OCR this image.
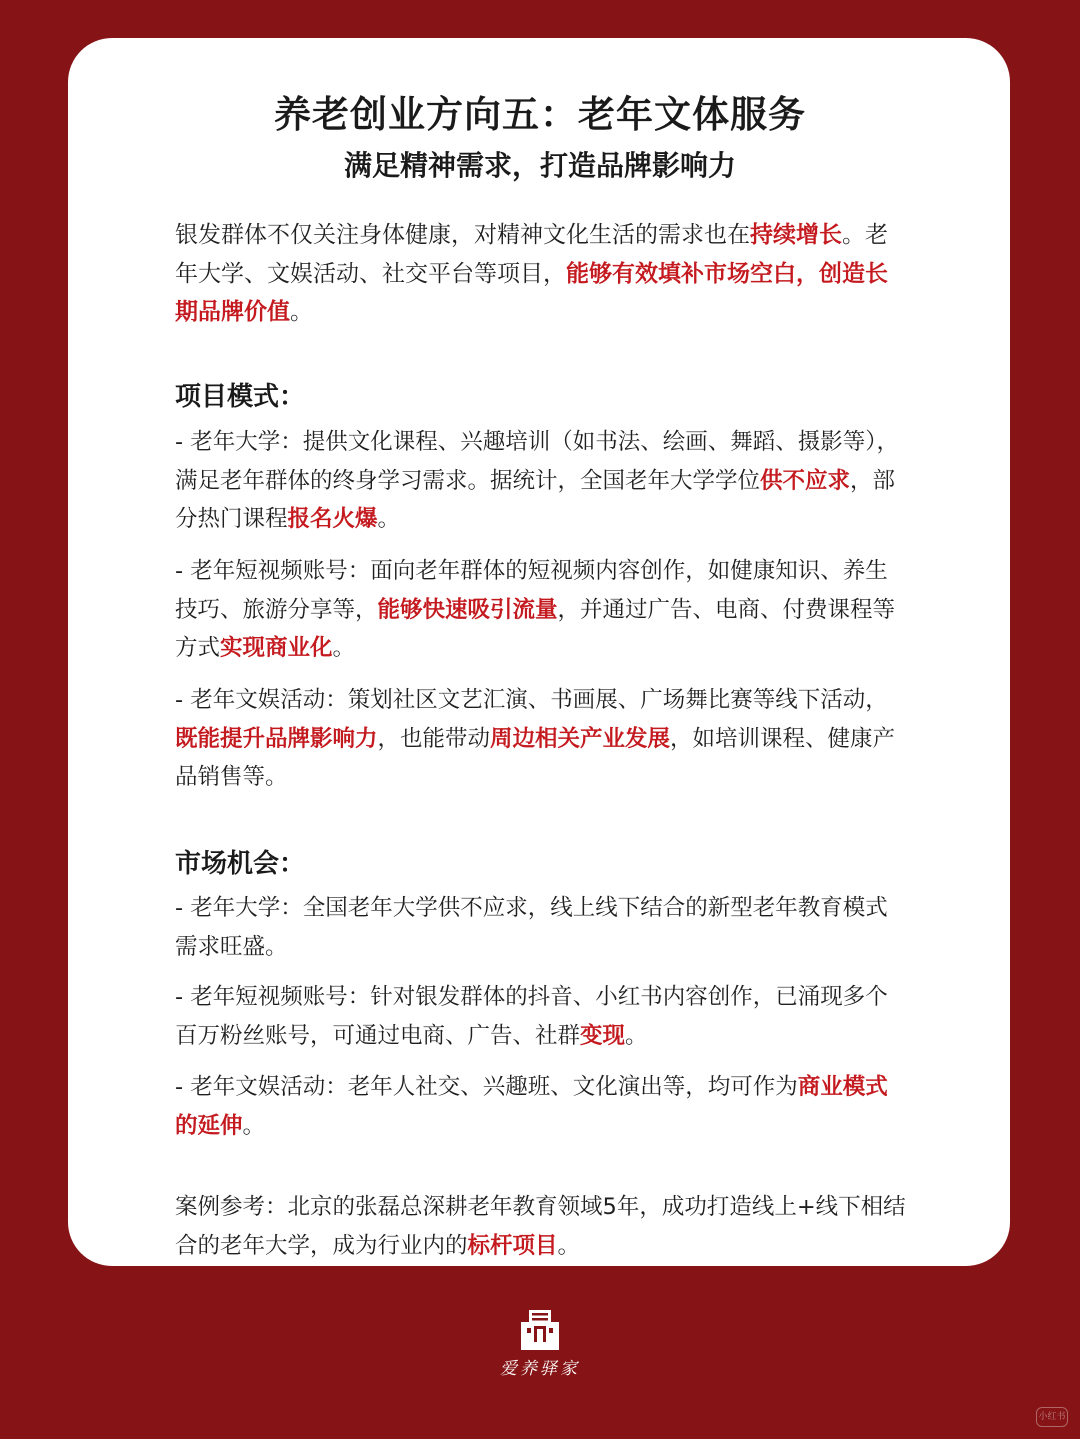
养老创业方向五：老年文体服务
满足精神需求，打造品牌影响力

银发群体不仅关注身体健康，对精神文化生活的需求也在持续增长。老年大学、文娱活动、社交平台等项目，能够有效填补市场空白，创造长期品牌价值。

项目模式：

- 老年大学：提供文化课程、兴趣培训（如书法、绘画、舞蹈、摄影等），满足老年群体的终身学习需求。据统计，全国老年大学学位供不应求，部分热门课程报名火爆。

- 老年短视频账号：面向老年群体的短视频内容创作，如健康知识、养生技巧、旅游分享等，能够快速吸引流量，并通过广告、电商、付费课程等方式实现商业化。

- 老年文娱活动：策划社区文艺汇演、书画展、广场舞比赛等线下活动，既能提升品牌影响力，也能带动周边相关产业发展，如培训课程、健康产品销售等。

市场机会：

- 老年大学：全国老年大学供不应求，线上线下结合的新型老年教育模式需求旺盛。

- 老年短视频账号：针对银发群体的抖音、小红书内容创作，已涌现多个百万粉丝账号，可通过电商、广告、社群变现。

- 老年文娱活动：老年人社交、兴趣班、文化演出等，均可作为商业模式的延伸。

案例参考：北京的张磊总深耕老年教育领域5年，成功打造线上+线下相结合的老年大学，成为行业内的标杆项目。

爱养驿家
小红书
